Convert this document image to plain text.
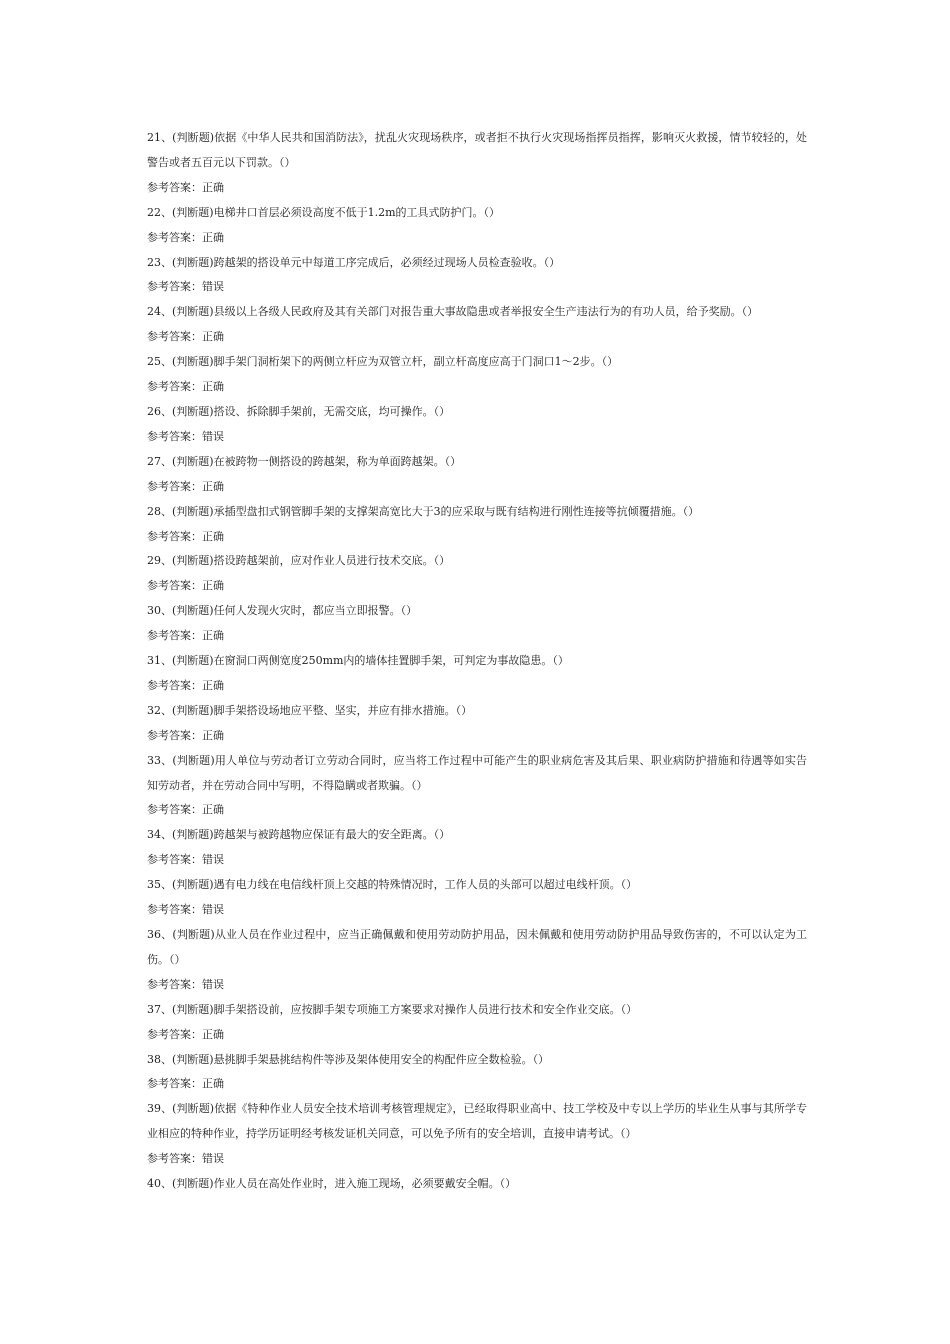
21、(判断题)依据《中华人民共和国消防法》，扰乱火灾现场秩序，或者拒不执行火灾现场指挥员指挥，影响灭火救援，情节较轻的，处警告或者五百元以下罚款。（）

参考答案：正确

22、(判断题)电梯井口首层必须设高度不低于1.2m的工具式防护门。（）

参考答案：正确

23、(判断题)跨越架的搭设单元中每道工序完成后，必须经过现场人员检查验收。（）

参考答案：错误

24、(判断题)县级以上各级人民政府及其有关部门对报告重大事故隐患或者举报安全生产违法行为的有功人员，给予奖励。（）

参考答案：正确

25、(判断题)脚手架门洞桁架下的两侧立杆应为双管立杆，副立杆高度应高于门洞口1～2步。（）

参考答案：正确

26、(判断题)搭设、拆除脚手架前，无需交底，均可操作。（）

参考答案：错误

27、(判断题)在被跨物一侧搭设的跨越架，称为单面跨越架。（）

参考答案：正确

28、(判断题)承插型盘扣式钢管脚手架的支撑架高宽比大于3的应采取与既有结构进行刚性连接等抗倾覆措施。（）

参考答案：正确

29、(判断题)搭设跨越架前，应对作业人员进行技术交底。（）

参考答案：正确

30、(判断题)任何人发现火灾时，都应当立即报警。（）

参考答案：正确

31、(判断题)在窗洞口两侧宽度250mm内的墙体挂置脚手架，可判定为事故隐患。（）

参考答案：正确

32、(判断题)脚手架搭设场地应平整、坚实，并应有排水措施。（）

参考答案：正确

33、(判断题)用人单位与劳动者订立劳动合同时，应当将工作过程中可能产生的职业病危害及其后果、职业病防护措施和待遇等如实告知劳动者，并在劳动合同中写明，不得隐瞒或者欺骗。（）

参考答案：正确

34、(判断题)跨越架与被跨越物应保证有最大的安全距离。（）

参考答案：错误

35、(判断题)遇有电力线在电信线杆顶上交越的特殊情况时，工作人员的头部可以超过电线杆顶。（）

参考答案：错误

36、(判断题)从业人员在作业过程中，应当正确佩戴和使用劳动防护用品，因未佩戴和使用劳动防护用品导致伤害的，不可以认定为工伤。（）

参考答案：错误

37、(判断题)脚手架搭设前，应按脚手架专项施工方案要求对操作人员进行技术和安全作业交底。（）

参考答案：正确

38、(判断题)悬挑脚手架悬挑结构件等涉及架体使用安全的构配件应全数检验。（）

参考答案：正确

39、(判断题)依据《特种作业人员安全技术培训考核管理规定》，已经取得职业高中、技工学校及中专以上学历的毕业生从事与其所学专业相应的特种作业，持学历证明经考核发证机关同意，可以免予所有的安全培训，直接申请考试。（）

参考答案：错误

40、(判断题)作业人员在高处作业时，进入施工现场，必须要戴安全帽。（）
